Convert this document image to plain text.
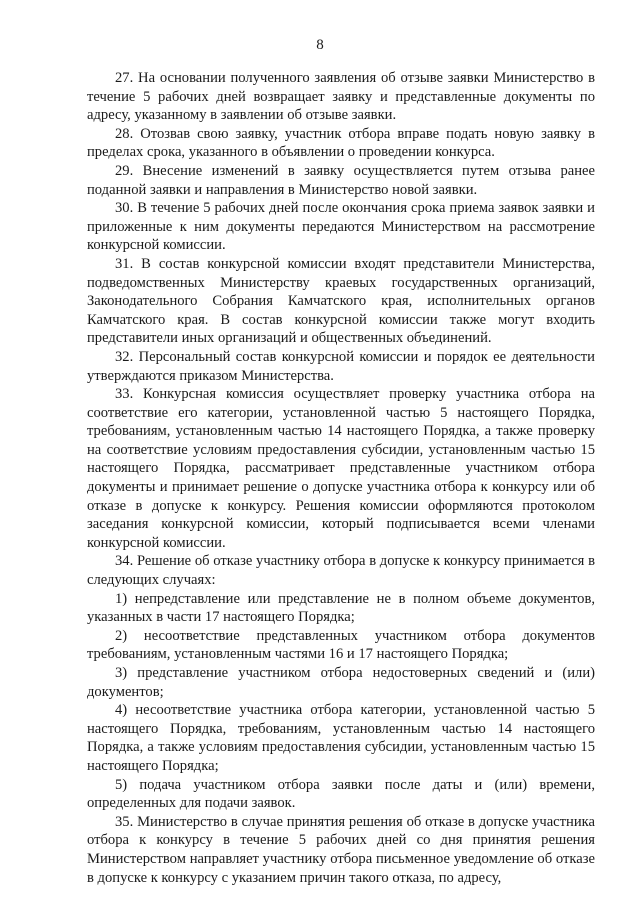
8

27. На основании полученного заявления об отзыве заявки Министерство в течение 5 рабочих дней возвращает заявку и представленные документы по адресу, указанному в заявлении об отзыве заявки.

28. Отозвав свою заявку, участник отбора вправе подать новую заявку в пределах срока, указанного в объявлении о проведении конкурса.

29. Внесение изменений в заявку осуществляется путем отзыва ранее поданной заявки и направления в Министерство новой заявки.

30. В течение 5 рабочих дней после окончания срока приема заявок заявки и приложенные к ним документы передаются Министерством на рассмотрение конкурсной комиссии.

31. В состав конкурсной комиссии входят представители Министерства, подведомственных Министерству краевых государственных организаций, Законодательного Собрания Камчатского края, исполнительных органов Камчатского края. В состав конкурсной комиссии также могут входить представители иных организаций и общественных объединений.

32. Персональный состав конкурсной комиссии и порядок ее деятельности утверждаются приказом Министерства.

33. Конкурсная комиссия осуществляет проверку участника отбора на соответствие его категории, установленной частью 5 настоящего Порядка, требованиям, установленным частью 14 настоящего Порядка, а также проверку на соответствие условиям предоставления субсидии, установленным частью 15 настоящего Порядка, рассматривает представленные участником отбора документы и принимает решение о допуске участника отбора к конкурсу или об отказе в допуске к конкурсу. Решения комиссии оформляются протоколом заседания конкурсной комиссии, который подписывается всеми членами конкурсной комиссии.

34. Решение об отказе участнику отбора в допуске к конкурсу принимается в следующих случаях:

1) непредставление или представление не в полном объеме документов, указанных в части 17 настоящего Порядка;

2) несоответствие представленных участником отбора документов требованиям, установленным частями 16 и 17 настоящего Порядка;

3) представление участником отбора недостоверных сведений и (или) документов;

4) несоответствие участника отбора категории, установленной частью 5 настоящего Порядка, требованиям, установленным частью 14 настоящего Порядка, а также условиям предоставления субсидии, установленным частью 15 настоящего Порядка;

5) подача участником отбора заявки после даты и (или) времени, определенных для подачи заявок.

35. Министерство в случае принятия решения об отказе в допуске участника отбора к конкурсу в течение 5 рабочих дней со дня принятия решения Министерством направляет участнику отбора письменное уведомление об отказе в допуске к конкурсу с указанием причин такого отказа, по адресу,
